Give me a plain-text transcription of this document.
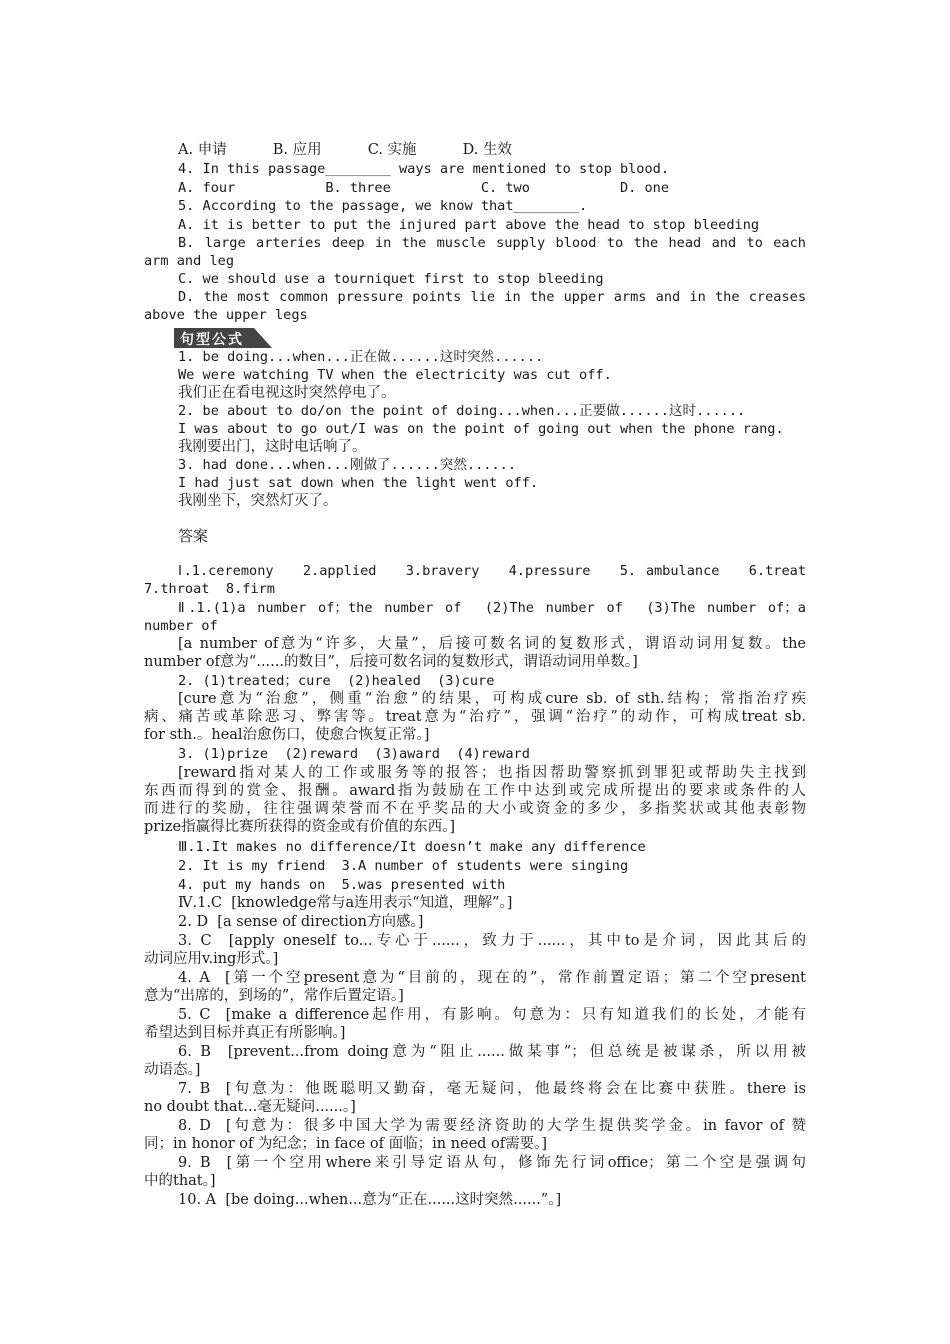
A. 申请          B. 应用          C. 实施          D. 生效
4. In this passage________ ways are mentioned to stop blood.
A. four           B. three           C. two           D. one
5. According to the passage, we know that________.
A. it is better to put the injured part above the head to stop bleeding
B. large arteries deep in the muscle supply blood to the head and to each
arm and leg
C. we should use a tourniquet first to stop bleeding
D. the most common pressure points lie in the upper arms and in the creases
above the upper legs
句型公式
1. be doing...when...正在做......这时突然......
We were watching TV when the electricity was cut off.
我们正在看电视这时突然停电了。
2. be about to do/on the point of doing...when...正要做......这时......
I was about to go out/I was on the point of going out when the phone rang.
我刚要出门，这时电话响了。
3. had done...when...刚做了......突然......
I had just sat down when the light went off.
我刚坐下，突然灯灭了。
答案
Ⅰ.1.ceremony   2.applied   3.bravery   4.pressure   5. ambulance   6.treat
7.throat  8.firm
Ⅱ.1.(1)a number of；the number of  (2)The number of  (3)The number of；a
number of
[a number of意为“许多，大量”，后接可数名词的复数形式，谓语动词用复数。the
number of意为“......的数目”，后接可数名词的复数形式，谓语动词用单数。]
2. (1)treated；cure  (2)healed  (3)cure
[cure意为“治愈”，侧重“治愈”的结果，可构成cure sb. of sth.结构；常指治疗疾
病、痛苦或革除恶习、弊害等。treat意为“治疗”，强调“治疗”的动作，可构成treat sb.
for sth.。heal治愈伤口，使愈合恢复正常。]
3. (1)prize  (2)reward  (3)award  (4)reward
[reward指对某人的工作或服务等的报答；也指因帮助警察抓到罪犯或帮助失主找到
东西而得到的赏金、报酬。award指为鼓励在工作中达到或完成所提出的要求或条件的人
而进行的奖励，往往强调荣誉而不在乎奖品的大小或资金的多少，多指奖状或其他表彰物
prize指赢得比赛所获得的资金或有价值的东西。]
Ⅲ.1.It makes no difference/It doesn’t make any difference
2. It is my friend  3.A number of students were singing
4. put my hands on  5.was presented with
Ⅳ.1.C  [knowledge常与a连用表示“知道，理解”。]
2. D  [a sense of direction方向感。]
3. C  [apply oneself to...专心于......，致力于......，其中to是介词，因此其后的
动词应用v.ing形式。]
4. A  [第一个空present意为“目前的，现在的”，常作前置定语；第二个空present
意为“出席的，到场的”，常作后置定语。]
5. C  [make a difference起作用，有影响。句意为：只有知道我们的长处，才能有
希望达到目标并真正有所影响。]
6. B  [prevent...from doing意为“阻止......做某事”；但总统是被谋杀，所以用被
动语态。]
7. B  [句意为：他既聪明又勤奋，毫无疑问，他最终将会在比赛中获胜。there is
no doubt that...毫无疑问......。]
8. D  [句意为：很多中国大学为需要经济资助的大学生提供奖学金。in favor of 赞
同；in honor of 为纪念；in face of 面临；in need of需要。]
9. B  [第一个空用where来引导定语从句，修饰先行词office；第二个空是强调句
中的that。]
10. A  [be doing...when...意为“正在......这时突然......”。]
